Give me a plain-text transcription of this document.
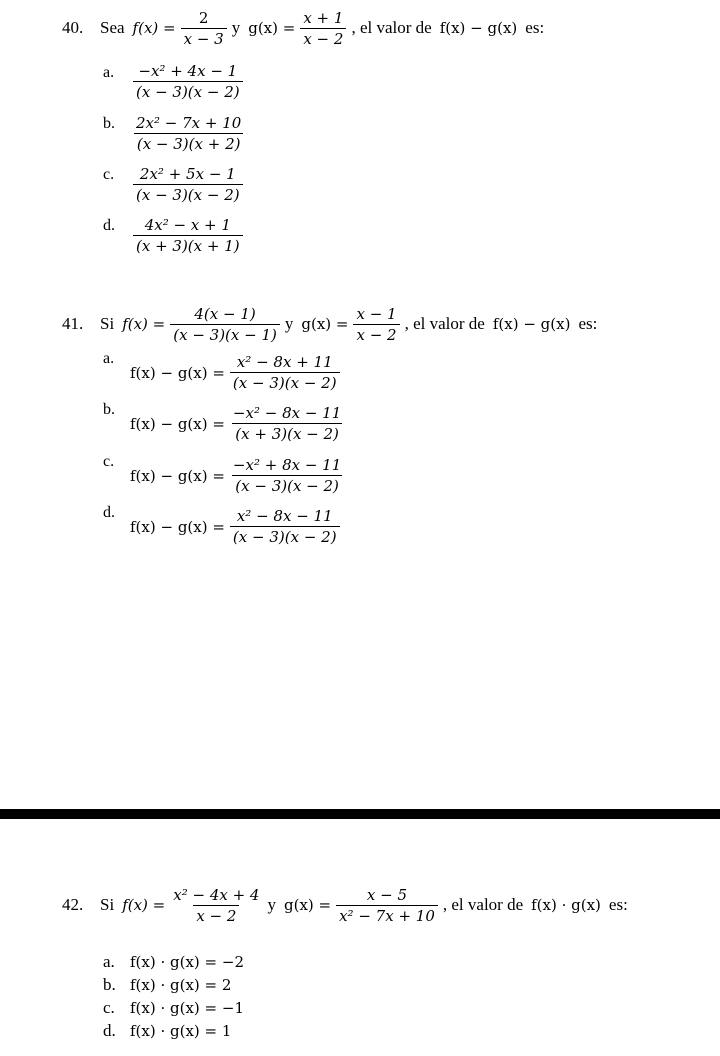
40. Sea $f(x) = \frac{2}{x - 3}$ y $g(x) = \frac{x + 1}{x - 2}$ , el valor de f(x) − g(x) es:
a. $\frac{\text{−x² + 4x − 1}}{(x - 3)(x - 2)}$
b. $\frac{\text{2x² − 7x + 10}}{(x - 3)(x + 2)}$
c. $\frac{\text{2x² + 5x − 1}}{(x - 3)(x - 2)}$
d. $\frac{\text{4x² − x + 1}}{(x + 3)(x + 1)}$
41. Si $f(x) = \frac{4(x - 1)}{(x - 3)(x - 1)}$ y $g(x) = \frac{x - 1}{x - 2}$ , el valor de f(x) − g(x) es:
a.
$f(x) - g(x) = \frac{\text{x² − 8x + 11}}{(x - 3)(x - 2)}$
b.
$f(x) - g(x) = \frac{\text{−x² − 8x − 11}}{(x + 3)(x - 2)}$
c.
$f(x) - g(x) = \frac{\text{−x² + 8x − 11}}{(x - 3)(x - 2)}$
d.
$f(x) - g(x) = \frac{\text{x² − 8x − 11}}{(x - 3)(x - 2)}$
42. Si $f(x) = \frac{\text{x² − 4x + 4}}{x - 2}$ y $g(x) = \frac{x - 5}{\text{x² − 7x + 10}}$ , el valor de f(x) · g(x) es:
a.	f(x) · g(x) = −2
b. f(x) · g(x) = 2
c.	f(x) · g(x) = −1
d. f(x) · g(x) = 1
